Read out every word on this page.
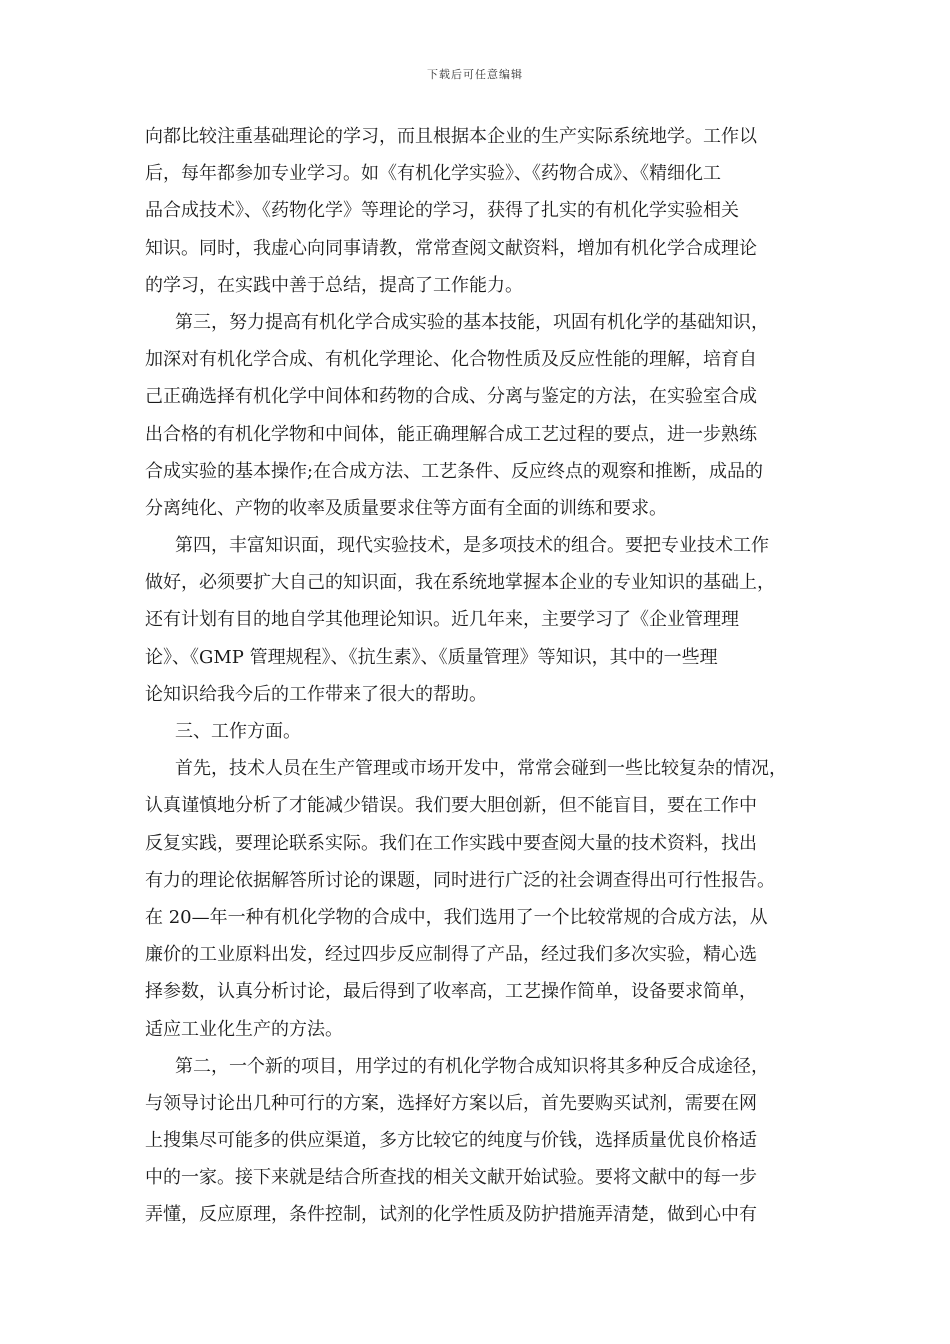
下载后可任意编辑
向都比较注重基础理论的学习，而且根据本企业的生产实际系统地学。工作以
后，每年都参加专业学习。如《有机化学实验》、《药物合成》、《精细化工
品合成技术》、《药物化学》等理论的学习，获得了扎实的有机化学实验相关
知识。同时，我虚心向同事请教，常常查阅文献资料，增加有机化学合成理论
的学习，在实践中善于总结，提高了工作能力。
第三，努力提高有机化学合成实验的基本技能，巩固有机化学的基础知识，
加深对有机化学合成、有机化学理论、化合物性质及反应性能的理解，培育自
己正确选择有机化学中间体和药物的合成、分离与鉴定的方法，在实验室合成
出合格的有机化学物和中间体，能正确理解合成工艺过程的要点，进一步熟练
合成实验的基本操作;在合成方法、工艺条件、反应终点的观察和推断，成品的
分离纯化、产物的收率及质量要求住等方面有全面的训练和要求。
第四，丰富知识面，现代实验技术，是多项技术的组合。要把专业技术工作
做好，必须要扩大自己的知识面，我在系统地掌握本企业的专业知识的基础上，
还有计划有目的地自学其他理论知识。近几年来，主要学习了《企业管理理
论》、《GMP 管理规程》、《抗生素》、《质量管理》等知识，其中的一些理
论知识给我今后的工作带来了很大的帮助。
三、工作方面。
首先，技术人员在生产管理或市场开发中，常常会碰到一些比较复杂的情况，
认真谨慎地分析了才能减少错误。我们要大胆创新，但不能盲目，要在工作中
反复实践，要理论联系实际。我们在工作实践中要查阅大量的技术资料，找出
有力的理论依据解答所讨论的课题，同时进行广泛的社会调查得出可行性报告。
在 20—年一种有机化学物的合成中，我们选用了一个比较常规的合成方法，从
廉价的工业原料出发，经过四步反应制得了产品，经过我们多次实验，精心选
择参数，认真分析讨论，最后得到了收率高，工艺操作简单，设备要求简单，
适应工业化生产的方法。
第二，一个新的项目，用学过的有机化学物合成知识将其多种反合成途径，
与领导讨论出几种可行的方案，选择好方案以后，首先要购买试剂，需要在网
上搜集尽可能多的供应渠道，多方比较它的纯度与价钱，选择质量优良价格适
中的一家。接下来就是结合所查找的相关文献开始试验。要将文献中的每一步
弄懂，反应原理，条件控制，试剂的化学性质及防护措施弄清楚，做到心中有
